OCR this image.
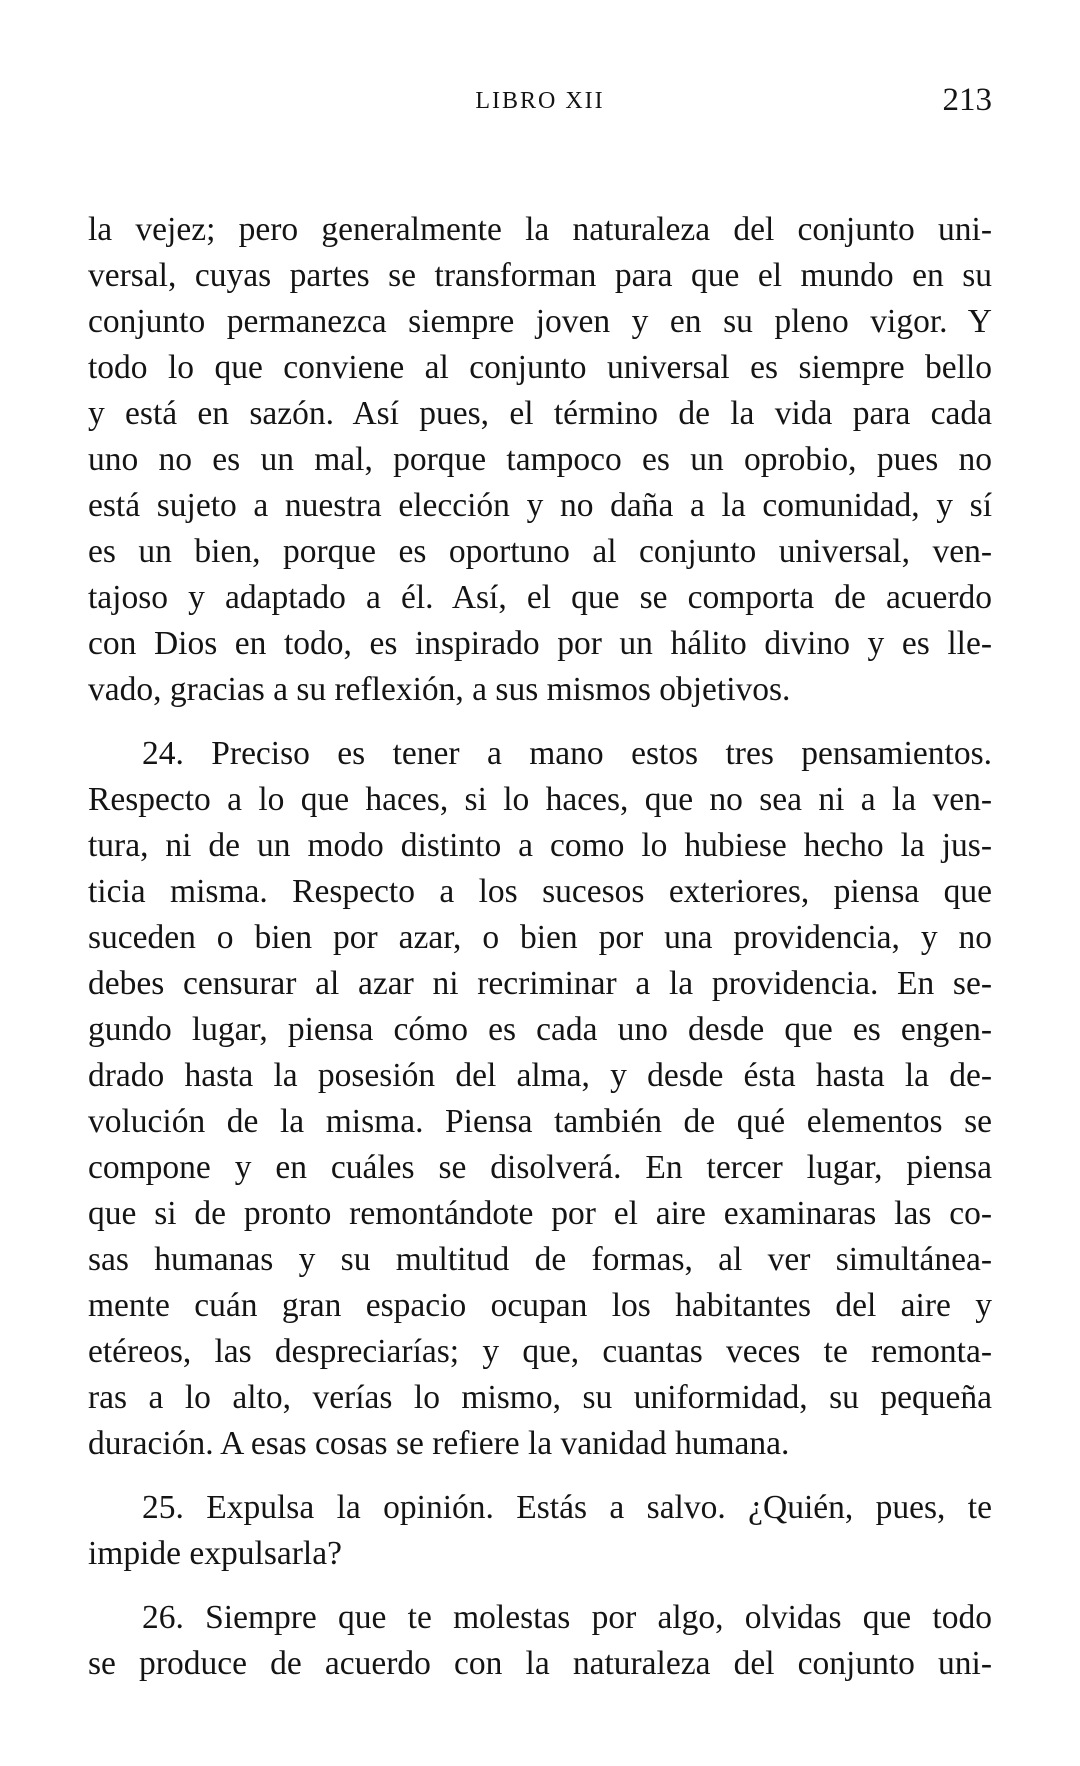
LIBRO XII	213
la vejez; pero generalmente la naturaleza del conjunto uni-
versal, cuyas partes se transforman para que el mundo en su
conjunto permanezca siempre joven y en su pleno vigor. Y
todo lo que conviene al conjunto universal es siempre bello
y está en sazón. Así pues, el término de la vida para cada
uno no es un mal, porque tampoco es un oprobio, pues no
está sujeto a nuestra elección y no daña a la comunidad, y sí
es un bien, porque es oportuno al conjunto universal, ven-
tajoso y adaptado a él. Así, el que se comporta de acuerdo
con Dios en todo, es inspirado por un hálito divino y es lle-
vado, gracias a su reflexión, a sus mismos objetivos.
24. Preciso es tener a mano estos tres pensamientos.
Respecto a lo que haces, si lo haces, que no sea ni a la ven-
tura, ni de un modo distinto a como lo hubiese hecho la jus-
ticia misma. Respecto a los sucesos exteriores, piensa que
suceden o bien por azar, o bien por una providencia, y no
debes censurar al azar ni recriminar a la providencia. En se-
gundo lugar, piensa cómo es cada uno desde que es engen-
drado hasta la posesión del alma, y desde ésta hasta la de-
volución de la misma. Piensa también de qué elementos se
compone y en cuáles se disolverá. En tercer lugar, piensa
que si de pronto remontándote por el aire examinaras las co-
sas humanas y su multitud de formas, al ver simultánea-
mente cuán gran espacio ocupan los habitantes del aire y
etéreos, las despreciarías; y que, cuantas veces te remonta-
ras a lo alto, verías lo mismo, su uniformidad, su pequeña
duración. A esas cosas se refiere la vanidad humana.
25. Expulsa la opinión. Estás a salvo. ¿Quién, pues, te
impide expulsarla?
26. Siempre que te molestas por algo, olvidas que todo
se produce de acuerdo con la naturaleza del conjunto uni-
